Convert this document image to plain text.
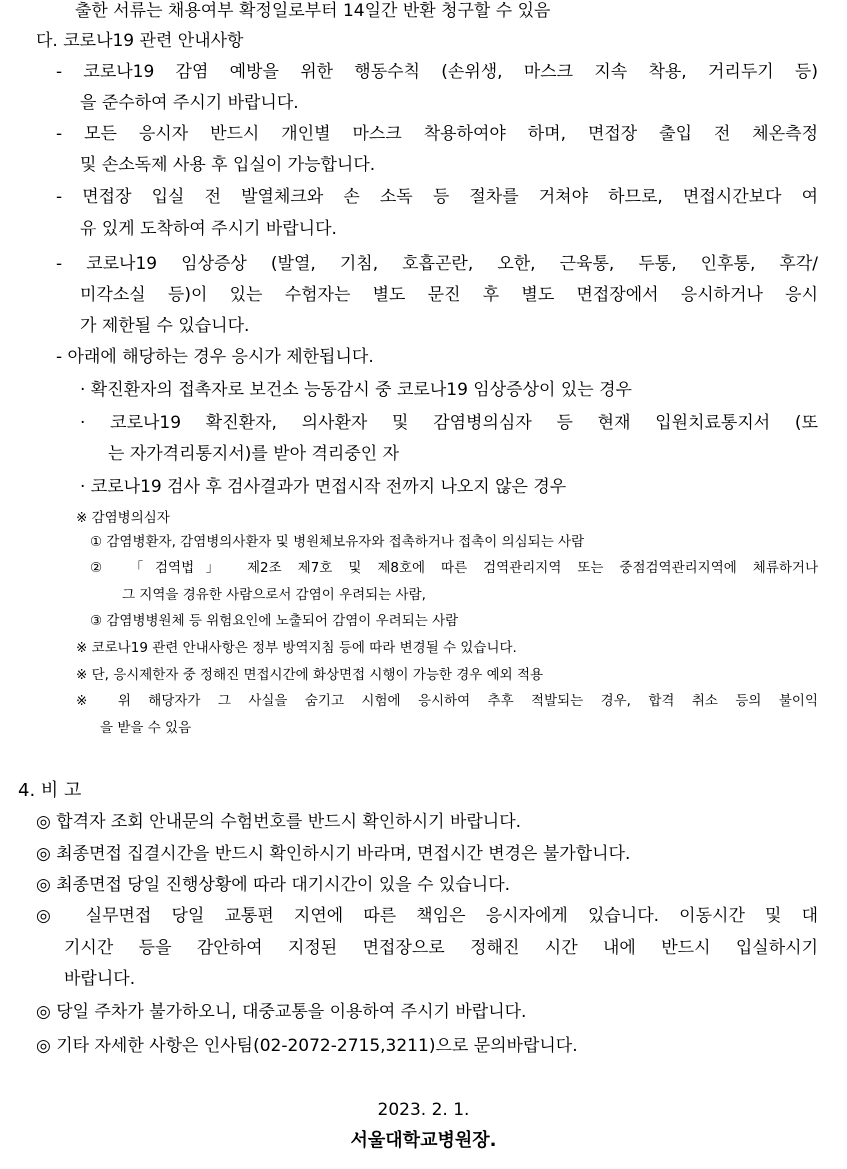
출한 서류는 채용여부 확정일로부터 14일간 반환 청구할 수 있음
다. 코로나19 관련 안내사항
- 코로나19 감염 예방을 위한 행동수칙 (손위생, 마스크 지속 착용, 거리두기 등)
을 준수하여 주시기 바랍니다.
- 모든 응시자 반드시 개인별 마스크 착용하여야 하며, 면접장 출입 전 체온측정
및 손소독제 사용 후 입실이 가능합니다.
- 면접장 입실 전 발열체크와 손 소독 등 절차를 거쳐야 하므로, 면접시간보다 여
유 있게 도착하여 주시기 바랍니다.
- 코로나19 임상증상 (발열, 기침, 호흡곤란, 오한, 근육통, 두통, 인후통, 후각/
미각소실 등)이 있는 수험자는 별도 문진 후 별도 면접장에서 응시하거나 응시
가 제한될 수 있습니다.
- 아래에 해당하는 경우 응시가 제한됩니다.
· 확진환자의 접촉자로 보건소 능동감시 중 코로나19 임상증상이 있는 경우
· 코로나19 확진환자, 의사환자 및 감염병의심자 등 현재 입원치료통지서 (또
는 자가격리통지서)를 받아 격리중인 자
· 코로나19 검사 후 검사결과가 면접시작 전까지 나오지 않은 경우
※ 감염병의심자
① 감염병환자, 감염병의사환자 및 병원체보유자와 접촉하거나 접촉이 의심되는 사람
② 「검역법」 제2조 제7호 및 제8호에 따른 검역관리지역 또는 중점검역관리지역에 체류하거나
그 지역을 경유한 사람으로서 감염이 우려되는 사람,
③ 감염병병원체 등 위험요인에 노출되어 감염이 우려되는 사람
※ 코로나19 관련 안내사항은 정부 방역지침 등에 따라 변경될 수 있습니다.
※ 단, 응시제한자 중 정해진 면접시간에 화상면접 시행이 가능한 경우 예외 적용
※ 위 해당자가 그 사실을 숨기고 시험에 응시하여 추후 적발되는 경우, 합격 취소 등의 불이익
을 받을 수 있음
4. 비 고
◎ 합격자 조회 안내문의 수험번호를 반드시 확인하시기 바랍니다.
◎ 최종면접 집결시간을 반드시 확인하시기 바라며, 면접시간 변경은 불가합니다.
◎ 최종면접 당일 진행상황에 따라 대기시간이 있을 수 있습니다.
◎ 실무면접 당일 교통편 지연에 따른 책임은 응시자에게 있습니다. 이동시간 및 대
기시간 등을 감안하여 지정된 면접장으로 정해진 시간 내에 반드시 입실하시기
바랍니다.
◎ 당일 주차가 불가하오니, 대중교통을 이용하여 주시기 바랍니다.
◎ 기타 자세한 사항은 인사팀(02-2072-2715,3211)으로 문의바랍니다.
2023. 2. 1.
서울대학교병원장.
